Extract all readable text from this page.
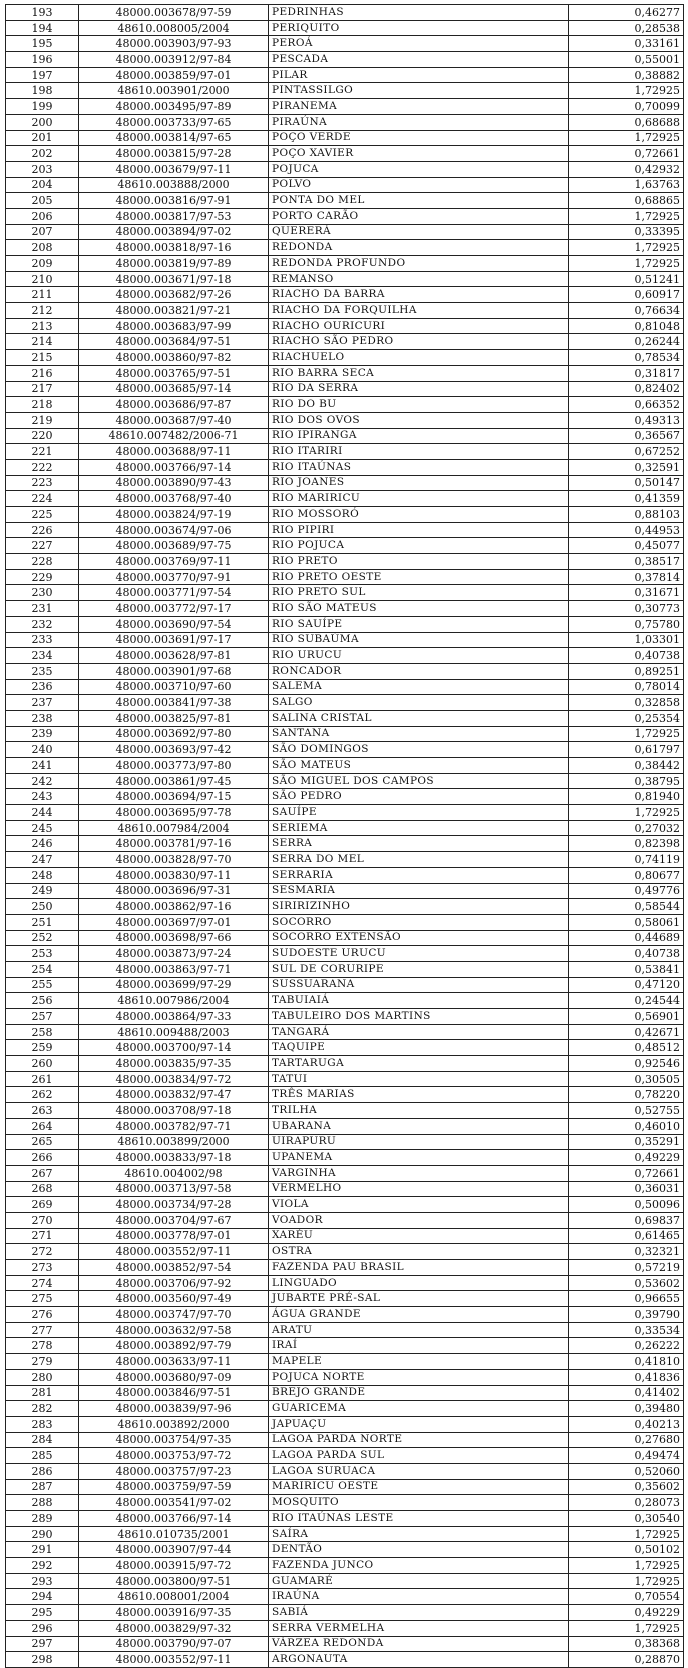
193	48000.003678/97-59	PEDRINHAS	0,46277
194	48610.008005/2004	PERIQUITO	0,28538
195	48000.003903/97-93	PEROÁ	0,33161
196	48000.003912/97-84	PESCADA	0,55001
197	48000.003859/97-01	PILAR	0,38882
198	48610.003901/2000	PINTASSILGO	1,72925
199	48000.003495/97-89	PIRANEMA	0,70099
200	48000.003733/97-65	PIRAÚNA	0,68688
201	48000.003814/97-65	POÇO VERDE	1,72925
202	48000.003815/97-28	POÇO XAVIER	0,72661
203	48000.003679/97-11	POJUCA	0,42932
204	48610.003888/2000	POLVO	1,63763
205	48000.003816/97-91	PONTA DO MEL	0,68865
206	48000.003817/97-53	PORTO CARÃO	1,72925
207	48000.003894/97-02	QUERERÁ	0,33395
208	48000.003818/97-16	REDONDA	1,72925
209	48000.003819/97-89	REDONDA PROFUNDO	1,72925
210	48000.003671/97-18	REMANSO	0,51241
211	48000.003682/97-26	RIACHO DA BARRA	0,60917
212	48000.003821/97-21	RIACHO DA FORQUILHA	0,76634
213	48000.003683/97-99	RIACHO OURICURI	0,81048
214	48000.003684/97-51	RIACHO SÃO PEDRO	0,26244
215	48000.003860/97-82	RIACHUELO	0,78534
216	48000.003765/97-51	RIO BARRA SECA	0,31817
217	48000.003685/97-14	RIO DA SERRA	0,82402
218	48000.003686/97-87	RIO DO BU	0,66352
219	48000.003687/97-40	RIO DOS OVOS	0,49313
220	48610.007482/2006-71	RIO IPIRANGA	0,36567
221	48000.003688/97-11	RIO ITARIRI	0,67252
222	48000.003766/97-14	RIO ITAÚNAS	0,32591
223	48000.003890/97-43	RIO JOANES	0,50147
224	48000.003768/97-40	RIO MARIRICU	0,41359
225	48000.003824/97-19	RIO MOSSORÓ	0,88103
226	48000.003674/97-06	RIO PIPIRI	0,44953
227	48000.003689/97-75	RIO POJUCA	0,45077
228	48000.003769/97-11	RIO PRETO	0,38517
229	48000.003770/97-91	RIO PRETO OESTE	0,37814
230	48000.003771/97-54	RIO PRETO SUL	0,31671
231	48000.003772/97-17	RIO SÃO MATEUS	0,30773
232	48000.003690/97-54	RIO SAUÍPE	0,75780
233	48000.003691/97-17	RIO SUBAÚMA	1,03301
234	48000.003628/97-81	RIO URUCU	0,40738
235	48000.003901/97-68	RONCADOR	0,89251
236	48000.003710/97-60	SALEMA	0,78014
237	48000.003841/97-38	SALGO	0,32858
238	48000.003825/97-81	SALINA CRISTAL	0,25354
239	48000.003692/97-80	SANTANA	1,72925
240	48000.003693/97-42	SÃO DOMINGOS	0,61797
241	48000.003773/97-80	SÃO MATEUS	0,38442
242	48000.003861/97-45	SÃO MIGUEL DOS CAMPOS	0,38795
243	48000.003694/97-15	SÃO PEDRO	0,81940
244	48000.003695/97-78	SAUÍPE	1,72925
245	48610.007984/2004	SERIEMA	0,27032
246	48000.003781/97-16	SERRA	0,82398
247	48000.003828/97-70	SERRA DO MEL	0,74119
248	48000.003830/97-11	SERRARIA	0,80677
249	48000.003696/97-31	SESMARIA	0,49776
250	48000.003862/97-16	SIRIRIZINHO	0,58544
251	48000.003697/97-01	SOCORRO	0,58061
252	48000.003698/97-66	SOCORRO EXTENSÃO	0,44689
253	48000.003873/97-24	SUDOESTE URUCU	0,40738
254	48000.003863/97-71	SUL DE CORURIPE	0,53841
255	48000.003699/97-29	SUSSUARANA	0,47120
256	48610.007986/2004	TABUIAIÁ	0,24544
257	48000.003864/97-33	TABULEIRO DOS MARTINS	0,56901
258	48610.009488/2003	TANGARÁ	0,42671
259	48000.003700/97-14	TAQUIPE	0,48512
260	48000.003835/97-35	TARTARUGA	0,92546
261	48000.003834/97-72	TATUI	0,30505
262	48000.003832/97-47	TRÊS MARIAS	0,78220
263	48000.003708/97-18	TRILHA	0,52755
264	48000.003782/97-71	UBARANA	0,46010
265	48610.003899/2000	UIRAPURU	0,35291
266	48000.003833/97-18	UPANEMA	0,49229
267	48610.004002/98	VARGINHA	0,72661
268	48000.003713/97-58	VERMELHO	0,36031
269	48000.003734/97-28	VIOLA	0,50096
270	48000.003704/97-67	VOADOR	0,69837
271	48000.003778/97-01	XARÉU	0,61465
272	48000.003552/97-11	OSTRA	0,32321
273	48000.003852/97-54	FAZENDA PAU BRASIL	0,57219
274	48000.003706/97-92	LINGUADO	0,53602
275	48000.003560/97-49	JUBARTE PRÉ-SAL	0,96655
276	48000.003747/97-70	ÁGUA GRANDE	0,39790
277	48000.003632/97-58	ARATU	0,33534
278	48000.003892/97-79	IRAÍ	0,26222
279	48000.003633/97-11	MAPELE	0,41810
280	48000.003680/97-09	POJUCA NORTE	0,41836
281	48000.003846/97-51	BREJO GRANDE	0,41402
282	48000.003839/97-96	GUARICEMA	0,39480
283	48610.003892/2000	JAPUAÇU	0,40213
284	48000.003754/97-35	LAGOA PARDA NORTE	0,27680
285	48000.003753/97-72	LAGOA PARDA SUL	0,49474
286	48000.003757/97-23	LAGOA SURUACA	0,52060
287	48000.003759/97-59	MARIRICU OESTE	0,35602
288	48000.003541/97-02	MOSQUITO	0,28073
289	48000.003766/97-14	RIO ITAÚNAS LESTE	0,30540
290	48610.010735/2001	SAÍRA	1,72925
291	48000.003907/97-44	DENTÃO	0,50102
292	48000.003915/97-72	FAZENDA JUNCO	1,72925
293	48000.003800/97-51	GUAMARÉ	1,72925
294	48610.008001/2004	IRAÚNA	0,70554
295	48000.003916/97-35	SABIÁ	0,49229
296	48000.003829/97-32	SERRA VERMELHA	1,72925
297	48000.003790/97-07	VÁRZEA REDONDA	0,38368
298	48000.003552/97-11	ARGONAUTA	0,28870
